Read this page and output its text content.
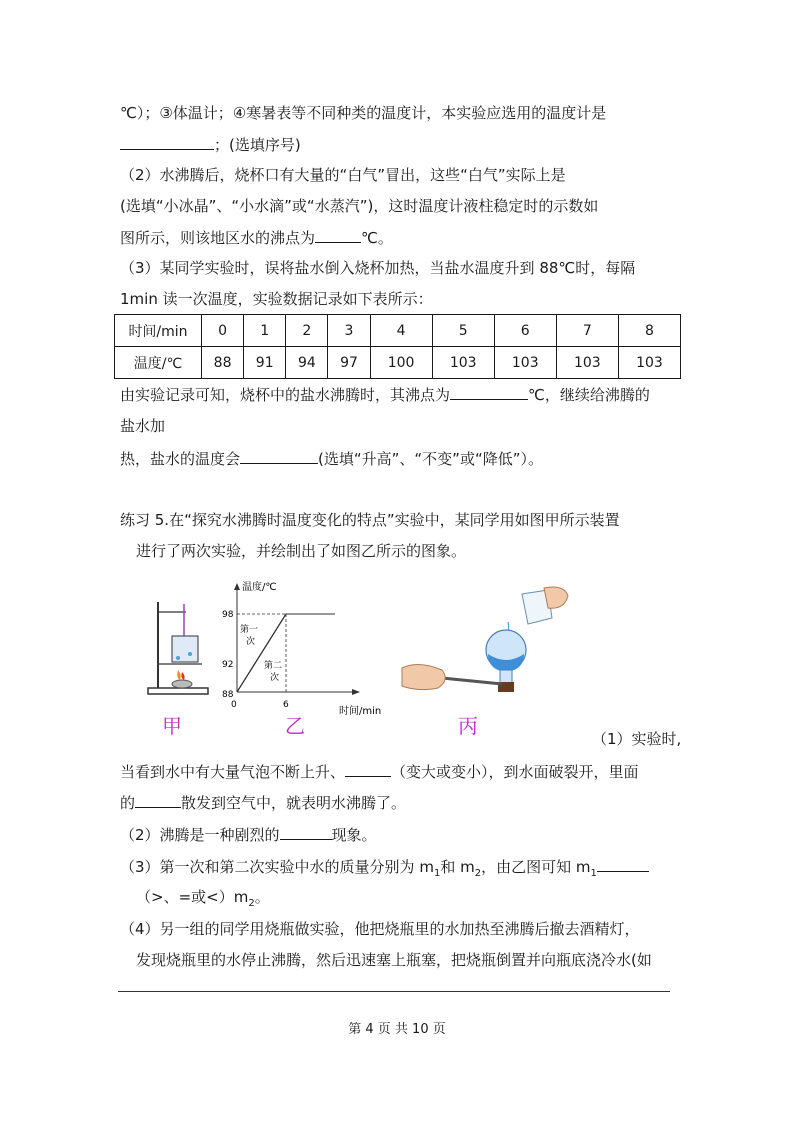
℃）；③体温计；④寒暑表等不同种类的温度计，本实验应选用的温度计是
；(选填序号)
（2）水沸腾后，烧杯口有大量的“白气”冒出，这些“白气”实际上是
(选填“小冰晶”、“小水滴”或“水蒸汽”)，这时温度计液柱稳定时的示数如
图所示，则该地区水的沸点为	℃。
（3）某同学实验时，误将盐水倒入烧杯加热，当盐水温度升到 88℃时，每隔
1min 读一次温度，实验数据记录如下表所示：
时间/min	0	1	2	3	4	5	6	7	8
温度/℃	88	91	94	97	100	103	103	103	103
由实验记录可知，烧杯中的盐水沸腾时，其沸点为	℃，继续给沸腾的
盐水加
热，盐水的温度会	(选填“升高”、“不变”或“降低”）。
练习 5.在“探究水沸腾时温度变化的特点”实验中，某同学用如图甲所示装置
进行了两次实验，并绘制出了如图乙所示的图象。
温度/℃
时间/min
98
92
88
0	6
第一
次
第二
次
甲	乙	丙
（1）实验时,
当看到水中有大量气泡不断上升、	（变大或变小），到水面破裂开，里面
的	散发到空气中，就表明水沸腾了。
（2）沸腾是一种剧烈的	现象。
（3）第一次和第二次实验中水的质量分别为 $m_1$和 $m_2$，由乙图可知 $m_1$
（>、=或$<)m_2$。
（4）另一组的同学用烧瓶做实验，他把烧瓶里的水加热至沸腾后撤去酒精灯，
发现烧瓶里的水停止沸腾，然后迅速塞上瓶塞，把烧瓶倒置并向瓶底浇冷水(如
第 4 页 共 10 页
